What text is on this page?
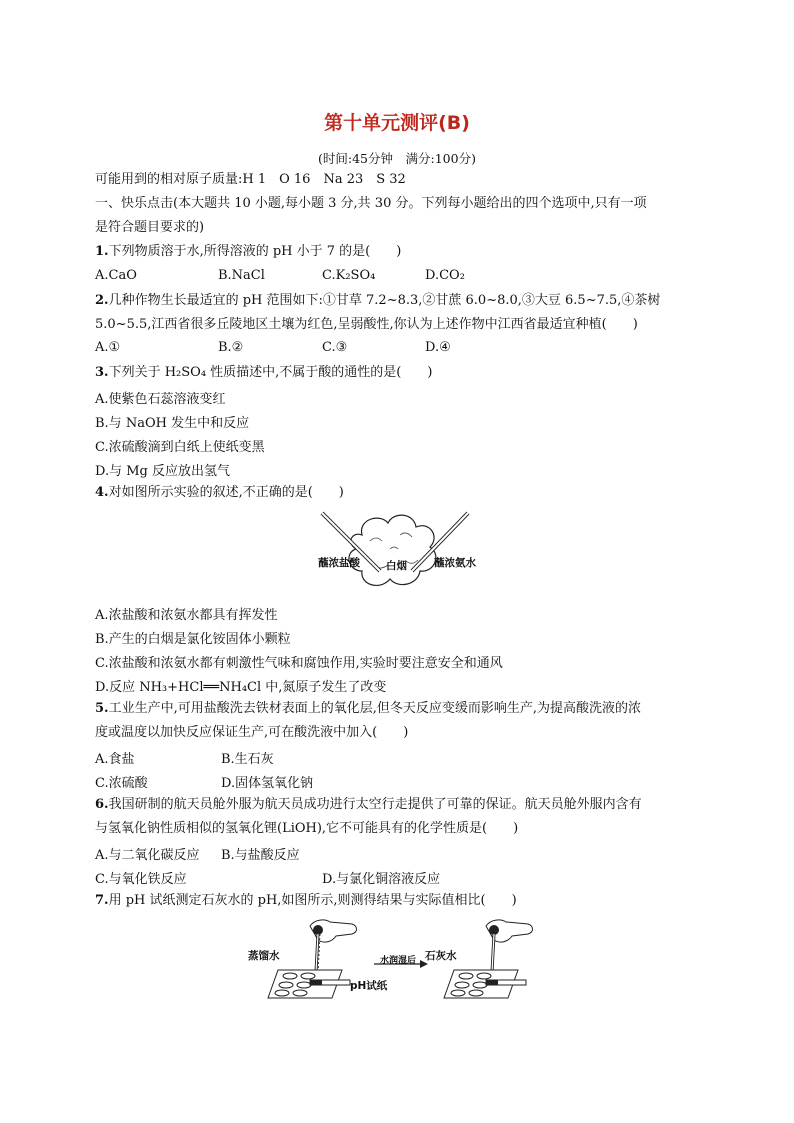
第十单元测评(B)
(时间:45分钟　满分:100分)
可能用到的相对原子质量:H 1　O 16　Na 23　S 32
一、快乐点击(本大题共 10 小题,每小题 3 分,共 30 分。下列每小题给出的四个选项中,只有一项
是符合题目要求的)
1.下列物质溶于水,所得溶液的 pH 小于 7 的是(　　)
A.CaO	B.NaCl	C.K₂SO₄	D.CO₂
2.几种作物生长最适宜的 pH 范围如下:①甘草 7.2~8.3,②甘蔗 6.0~8.0,③大豆 6.5~7.5,④茶树
5.0~5.5,江西省很多丘陵地区土壤为红色,呈弱酸性,你认为上述作物中江西省最适宜种植(　　)
A.①	B.②	C.③	D.④
3.下列关于 H₂SO₄ 性质描述中,不属于酸的通性的是(　　)
A.使紫色石蕊溶液变红
B.与 NaOH 发生中和反应
C.浓硫酸滴到白纸上使纸变黑
D.与 Mg 反应放出氢气
4.对如图所示实验的叙述,不正确的是(　　)
蘸浓盐酸 白烟	蘸浓氨水
A.浓盐酸和浓氨水都具有挥发性
B.产生的白烟是氯化铵固体小颗粒
C.浓盐酸和浓氨水都有刺激性气味和腐蚀作用,实验时要注意安全和通风
D.反应 NH₃+HCl══NH₄Cl 中,氮原子发生了改变
5.工业生产中,可用盐酸洗去铁材表面上的氧化层,但冬天反应变缓而影响生产,为提高酸洗液的浓
度或温度以加快反应保证生产,可在酸洗液中加入(　　)
A.食盐	B.生石灰
C.浓硫酸	D.固体氢氧化钠
6.我国研制的航天员舱外服为航天员成功进行太空行走提供了可靠的保证。航天员舱外服内含有
与氢氧化钠性质相似的氢氧化锂(LiOH),它不可能具有的化学性质是(　　)
A.与二氧化碳反应 B.与盐酸反应
C.与氧化铁反应	D.与氯化铜溶液反应
7.用 pH 试纸测定石灰水的 pH,如图所示,则测得结果与实际值相比(　　)
蒸馏水	水润湿后
pH试纸
石灰水
